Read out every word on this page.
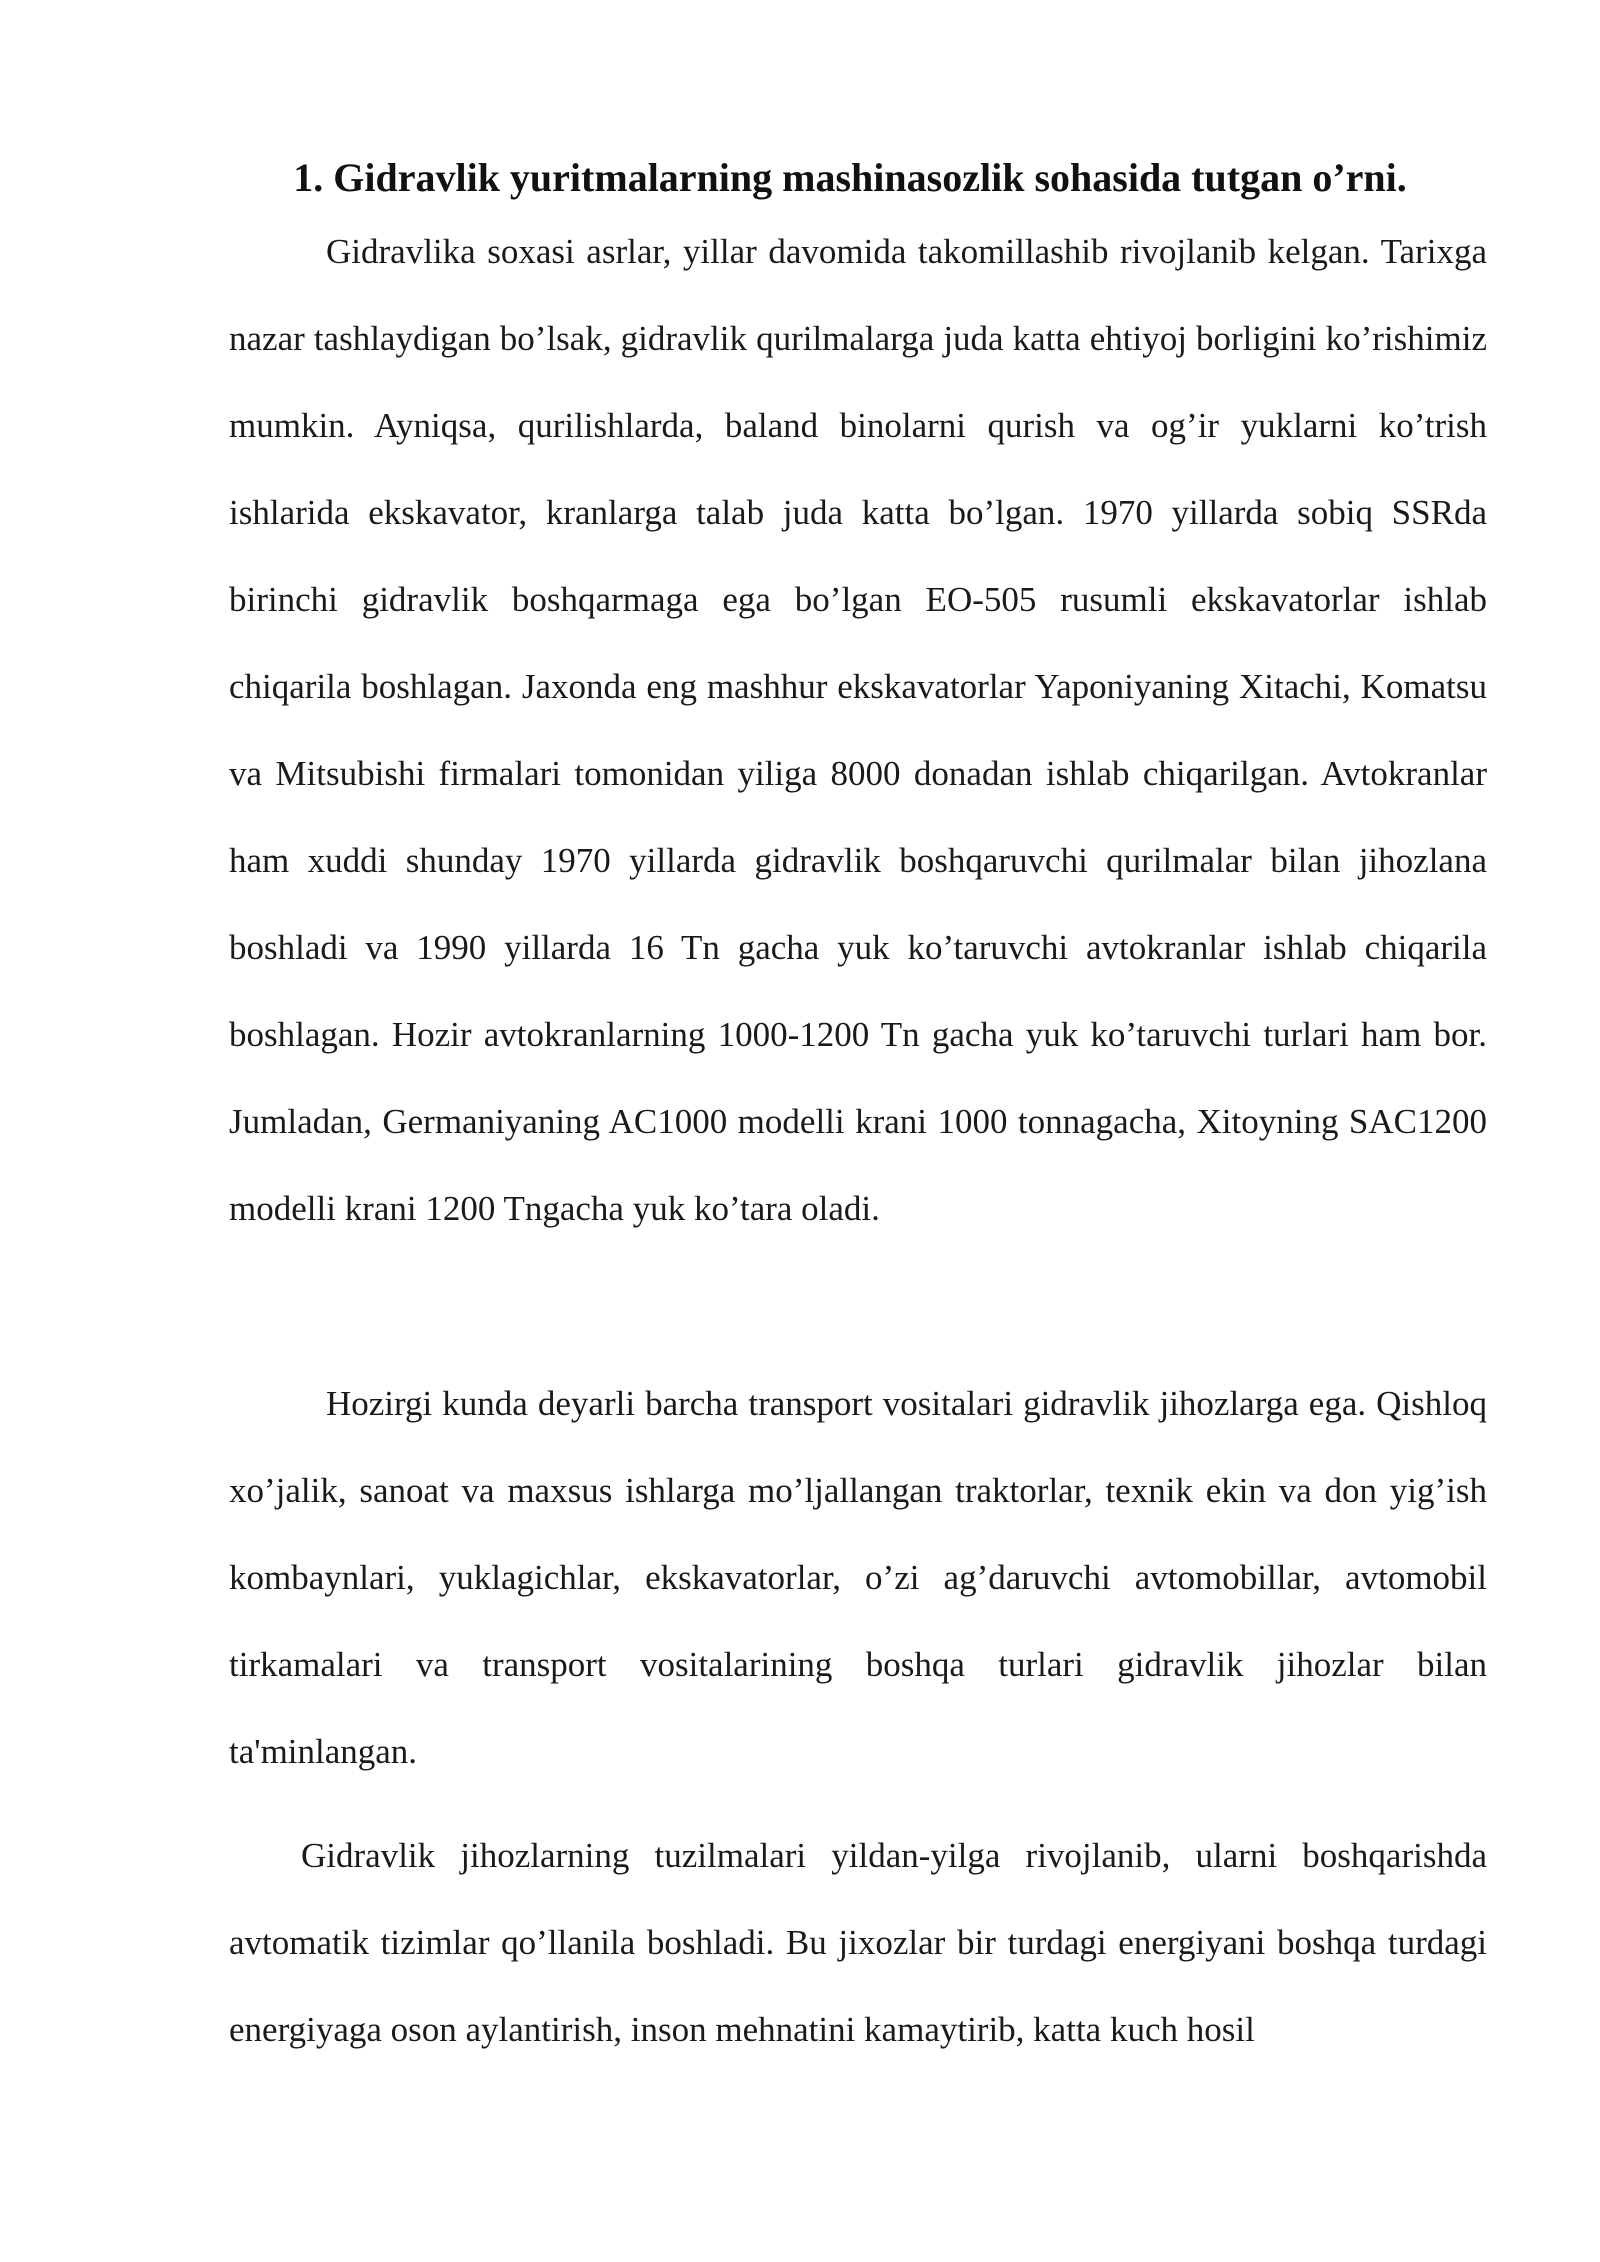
1. Gidravlik yuritmalarning mashinasozlik sohasida tutgan o’rni.

Gidravlika soxasi asrlar, yillar davomida takomillashib rivojlanib kelgan. Tarixga nazar tashlaydigan bo’lsak, gidravlik qurilmalarga juda katta ehtiyoj borligini ko’rishimiz mumkin. Ayniqsa, qurilishlarda, baland binolarni qurish va og’ir yuklarni ko’trish ishlarida ekskavator, kranlarga talab juda katta bo’lgan. 1970 yillarda sobiq SSRda birinchi gidravlik boshqarmaga ega bo’lgan EO-505 rusumli ekskavatorlar ishlab chiqarila boshlagan. Jaxonda eng mashhur ekskavatorlar Yaponiyaning Xitachi, Komatsu va Mitsubishi firmalari tomonidan yiliga 8000 donadan ishlab chiqarilgan. Avtokranlar ham xuddi shunday 1970 yillarda gidravlik boshqaruvchi qurilmalar bilan jihozlana boshladi va 1990 yillarda 16 Tn gacha yuk ko’taruvchi avtokranlar ishlab chiqarila boshlagan. Hozir avtokranlarning 1000-1200 Tn gacha yuk ko’taruvchi turlari ham bor. Jumladan, Germaniyaning AC1000 modelli krani 1000 tonnagacha, Xitoyning SAC1200 modelli krani 1200 Tngacha yuk ko’tara oladi.

Hozirgi kunda deyarli barcha transport vositalari gidravlik jihozlarga ega. Qishloq xo’jalik, sanoat va maxsus ishlarga mo’ljallangan traktorlar, texnik ekin va don yig’ish kombaynlari, yuklagichlar, ekskavatorlar, o’zi ag’daruvchi avtomobillar, avtomobil tirkamalari va transport vositalarining boshqa turlari gidravlik jihozlar bilan ta'minlangan.

Gidravlik jihozlarning tuzilmalari yildan-yilga rivojlanib, ularni boshqarishda avtomatik tizimlar qo’llanila boshladi. Bu jixozlar bir turdagi energiyani boshqa turdagi energiyaga oson aylantirish, inson mehnatini kamaytirib, katta kuch hosil
